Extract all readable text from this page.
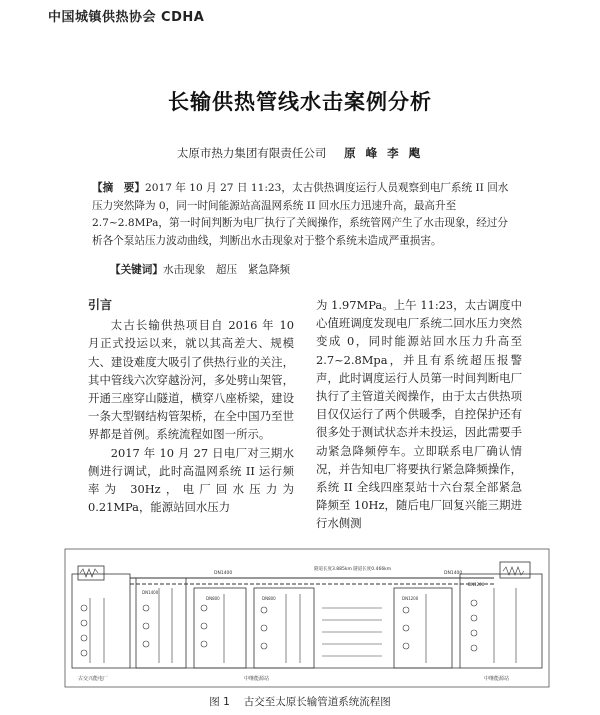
中国城镇供热协会 CDHA
长输供热管线水击案例分析
太原市热力集团有限责任公司 原 峰 李 飑
【摘　要】2017 年 10 月 27 日 11:23，太古供热调度运行人员观察到电厂系统 II 回水压力突然降为 0，同一时间能源站高温网系统 II 回水压力迅速升高，最高升至 2.7~2.8MPa，第一时间判断为电厂执行了关阀操作，系统管网产生了水击现象，经过分析各个泵站压力波动曲线，判断出水击现象对于整个系统未造成严重损害。
【关键词】水击现象　超压　紧急降频
引言

太古长输供热项目自 2016 年 10 月正式投运以来，就以其高差大、规模大、建设难度大吸引了供热行业的关注，其中管线六次穿越汾河，多处劈山架管，开通三座穿山隧道，横穿八座桥梁，建设一条大型钢结构管架桥，在全中国乃至世界都是首例。系统流程如图一所示。

2017 年 10 月 27 日电厂对三期水侧进行调试，此时高温网系统 II 运行频率为 30Hz，电厂回水压力为 0.21MPa，能源站回水压力

为 1.97MPa。上午 11:23，太古调度中心值班调度发现电厂系统二回水压力突然变成 0，同时能源站回水压力升高至 2.7~2.8Mpa，并且有系统超压报警声，此时调度运行人员第一时间判断电厂执行了主管道关阀操作，由于太古供热项目仅仅运行了两个供暖季，自控保护还有很多处于测试状态并未投运，因此需要手动紧急降频停车。立即联系电厂确认情况，并告知电厂将要执行紧急降频操作，系统 II 全线四座泵站十六台泵全部紧急降频至 10Hz，随后电厂回复兴能三期进行水侧测

古交兴能电厂
DN1400
DN1400	DN1400
隧道长度3.885km 隧道长度0.466km
DN800	DN800	DN1200
DN1200
中继能源站
中继能源站
图 1 古交至太原长输管道系统流程图
